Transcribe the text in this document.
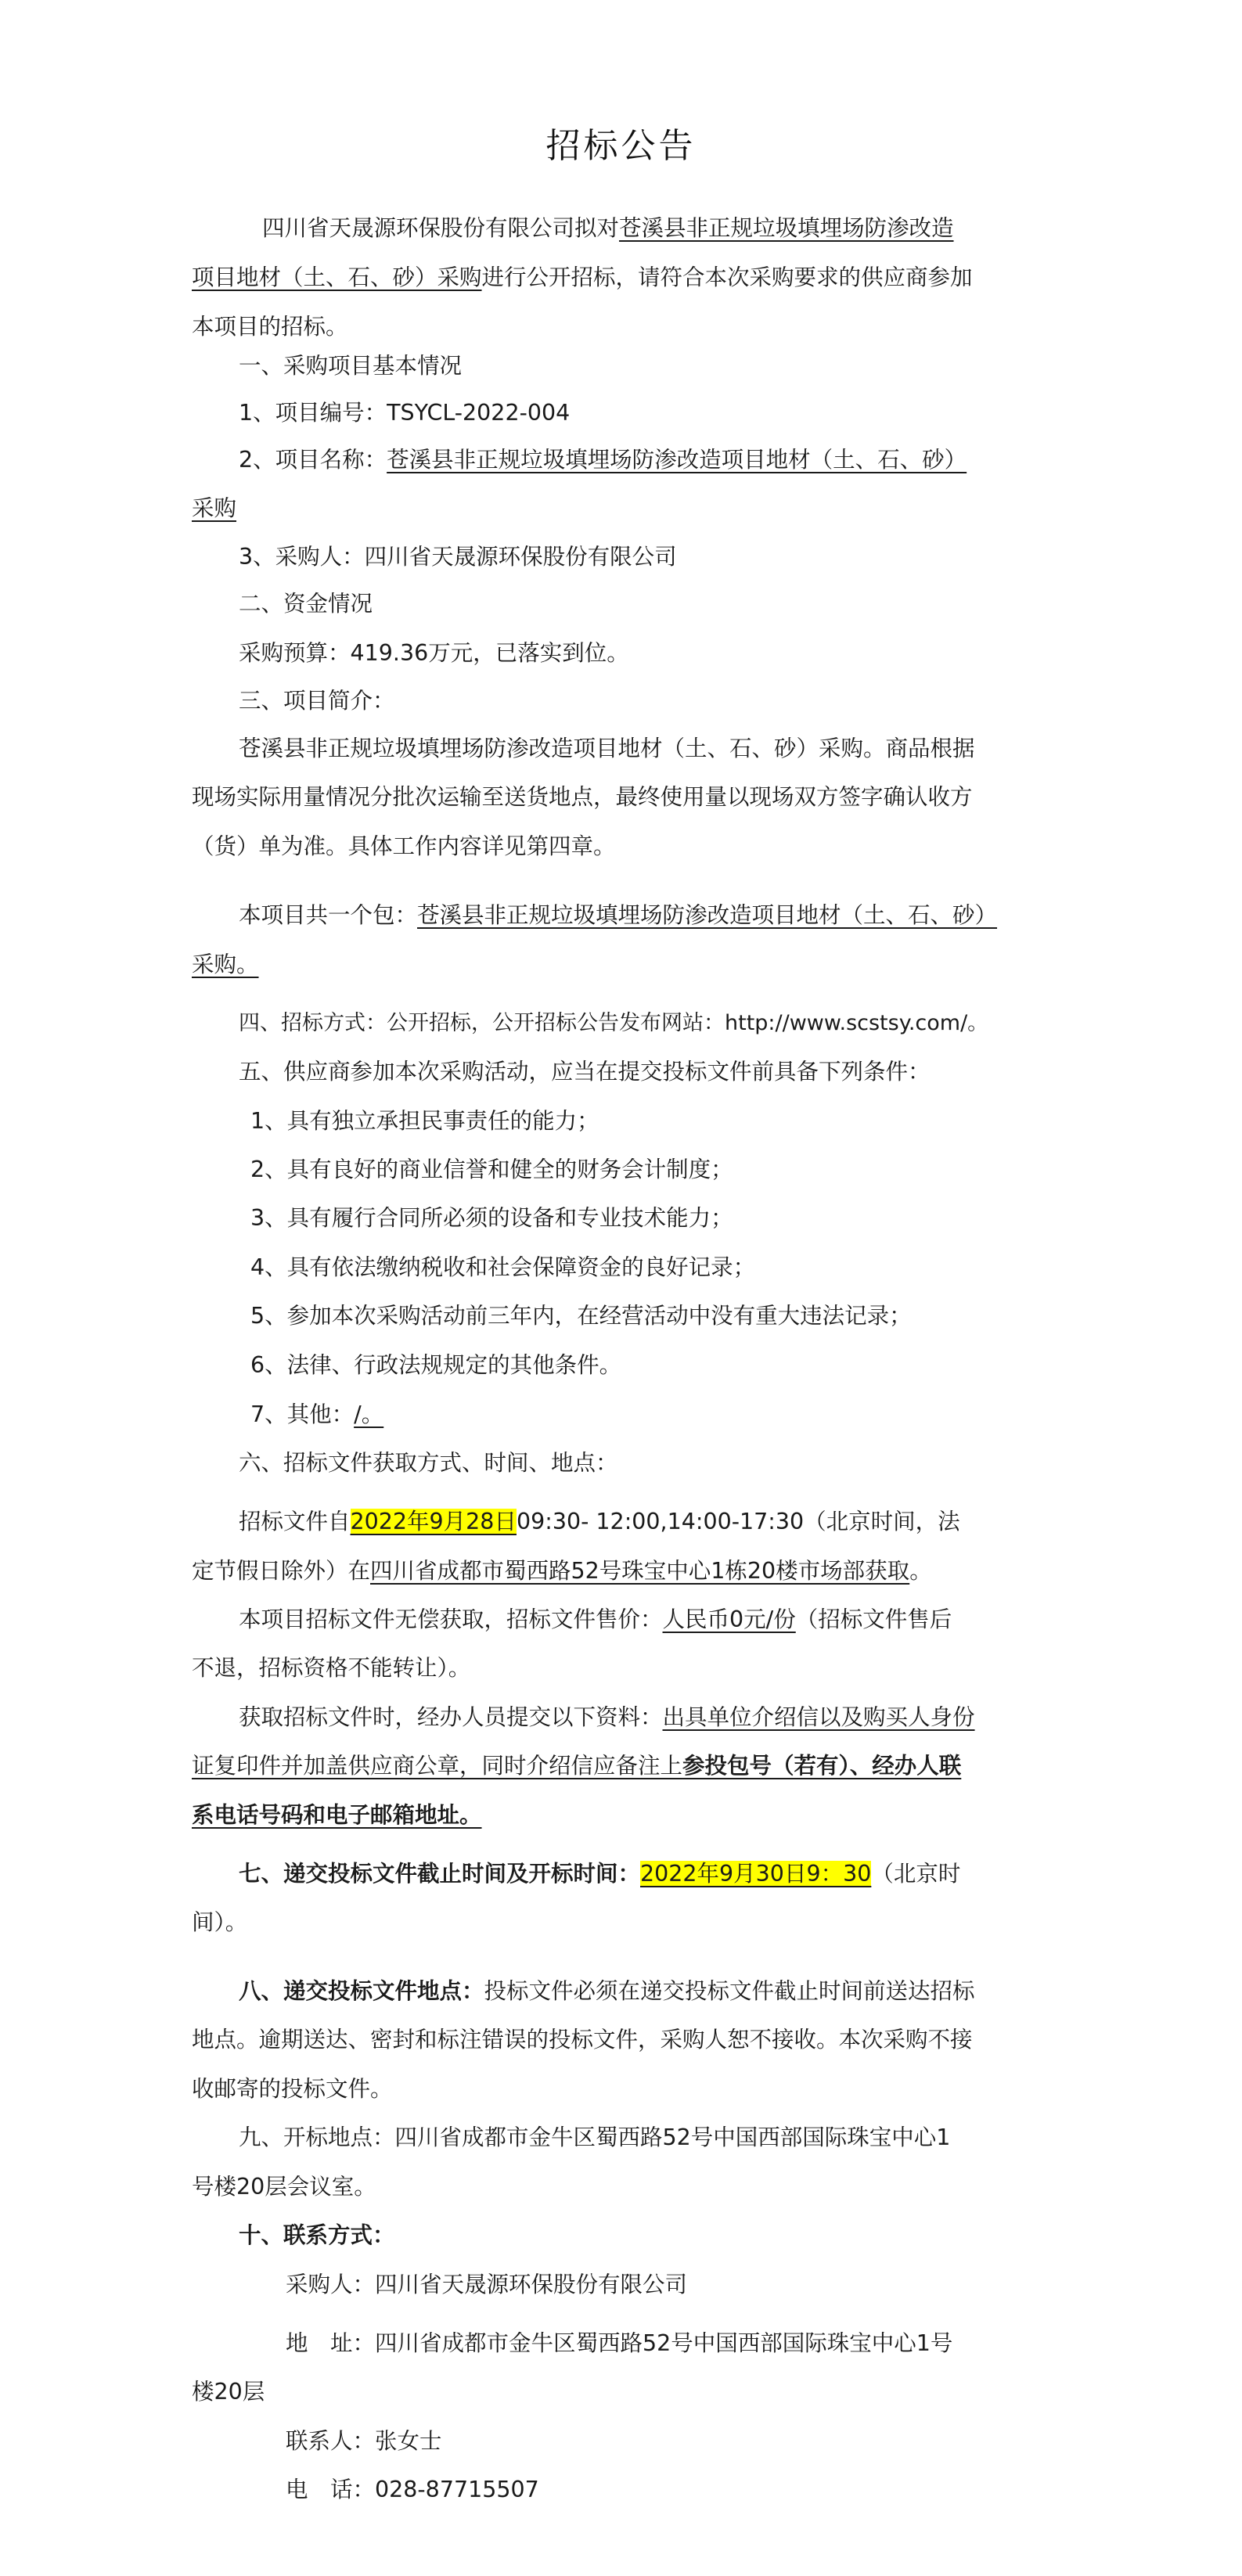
招标公告
四川省天晟源环保股份有限公司拟对苍溪县非正规垃圾填埋场防渗改造
项目地材（土、石、砂）采购进行公开招标，请符合本次采购要求的供应商参加
本项目的招标。
一、采购项目基本情况
1、项目编号：TSYCL-2022-004
2、项目名称：苍溪县非正规垃圾填埋场防渗改造项目地材（土、石、砂）
采购
3、采购人：四川省天晟源环保股份有限公司
二、资金情况
采购预算：419.36万元，已落实到位。
三、项目简介：
苍溪县非正规垃圾填埋场防渗改造项目地材（土、石、砂）采购。商品根据
现场实际用量情况分批次运输至送货地点，最终使用量以现场双方签字确认收方
（货）单为准。具体工作内容详见第四章。
本项目共一个包：苍溪县非正规垃圾填埋场防渗改造项目地材（土、石、砂）
采购。
四、招标方式：公开招标，公开招标公告发布网站：http://www.scstsy.com/。
五、供应商参加本次采购活动，应当在提交投标文件前具备下列条件：
1、具有独立承担民事责任的能力；
2、具有良好的商业信誉和健全的财务会计制度；
3、具有履行合同所必须的设备和专业技术能力；
4、具有依法缴纳税收和社会保障资金的良好记录；
5、参加本次采购活动前三年内，在经营活动中没有重大违法记录；
6、法律、行政法规规定的其他条件。
7、其他：/。
六、招标文件获取方式、时间、地点：
招标文件自2022年9月28日09:30- 12:00,14:00-17:30（北京时间，法
定节假日除外）在四川省成都市蜀西路52号珠宝中心1栋20楼市场部获取。
本项目招标文件无偿获取，招标文件售价：人民币0元/份（招标文件售后
不退，招标资格不能转让）。
获取招标文件时，经办人员提交以下资料：出具单位介绍信以及购买人身份
证复印件并加盖供应商公章，同时介绍信应备注上参投包号（若有）、经办人联
系电话号码和电子邮箱地址。
七、递交投标文件截止时间及开标时间：2022年9月30日9：30（北京时
间）。
八、递交投标文件地点：投标文件必须在递交投标文件截止时间前送达招标
地点。逾期送达、密封和标注错误的投标文件，采购人恕不接收。本次采购不接
收邮寄的投标文件。
九、开标地点：四川省成都市金牛区蜀西路52号中国西部国际珠宝中心1
号楼20层会议室。
十、联系方式：
采购人：四川省天晟源环保股份有限公司
地　址：四川省成都市金牛区蜀西路52号中国西部国际珠宝中心1号
楼20层
联系人：张女士
电　话：028-87715507
